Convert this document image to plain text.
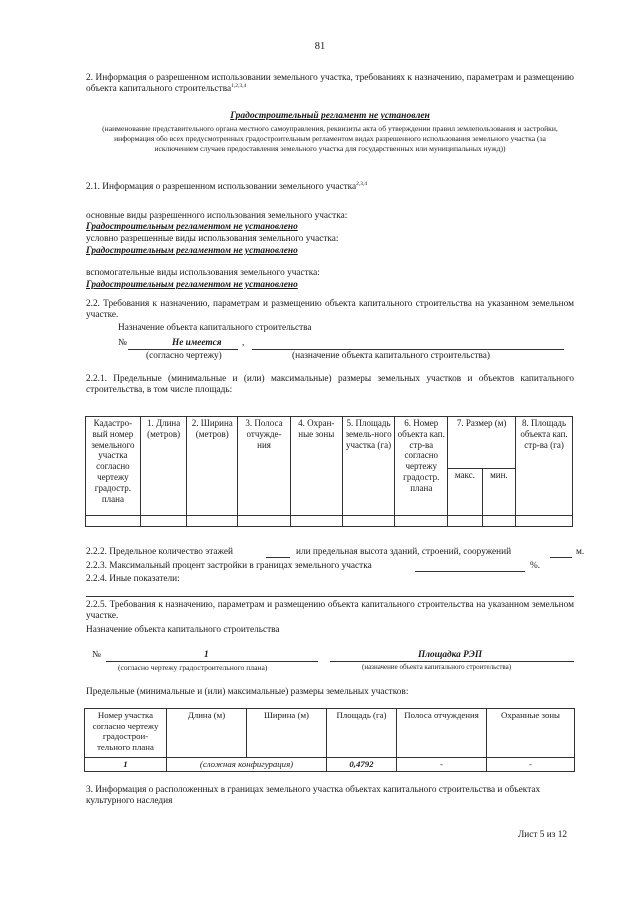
81
2. Информация о разрешенном использовании земельного участка, требованиях к назначению, параметрам и размещению объекта капитального строительства$^{1,2,3,4}$
Градостроительный регламент не установлен
(наименование представительного органа местного самоуправления, реквизиты акта об утверждении правил землепользования и застройки, информация обо всех предусмотренных градостроительным регламентом видах разрешенного использования земельного участка (за исключением случаев предоставления земельного участка для государственных или муниципальных нужд))
2.1. Информация о разрешенном использовании земельного участка$^{2,3,4}$
основные виды разрешенного использования земельного участка:
Градостроительным регламентом не установлено
условно разрешенные виды использования земельного участка:
Градостроительным регламентом не установлено
вспомогательные виды использования земельного участка:
Градостроительным регламентом не установлено
2.2. Требования к назначению, параметрам и размещению объекта капитального строительства на указанном земельном участке.
Назначение объекта капитального строительства
№	Не имеется ,
(согласно чертежу)	(назначение объекта капитального строительства)
2.2.1. Предельные (минимальные и (или) максимальные) размеры земельных участков и объектов капитального строительства, в том числе площадь:
Кадастро-вый номер земельного участка согласно чертежу градостр. плана	1. Длина (метров)	2. Ширина (метров)	3. Полоса отчужде-ния	4. Охран-ные зоны	5. Площадь земель-ного участка (га)	6. Номер объекта кап. стр-ва согласно чертежу градостр. плана	7. Размер (м)		8. Площадь объекта кап. стр-ва (га)
							макс.	мин.	

2.2.2. Предельное количество этажей	или предельная высота зданий, строений, сооружений	м.
2.2.3. Максимальный процент застройки в границах земельного участка	%.
2.2.4. Иные показатели:
2.2.5. Требования к назначению, параметрам и размещению объекта капитального строительства на указанном земельном участке.
Назначение объекта капитального строительства
№	1	Площадка РЭП
(согласно чертежу градостроительного плана)	(назначение объекта капитального строительства)
Предельные (минимальные и (или) максимальные) размеры земельных участков:
Номер участка согласно чертежу градострои-тельного плана	Длина (м)	Ширина (м)	Площадь (га)	Полоса отчуждения	Охранные зоны
1	(сложная конфигурация)		0,4792	-	-
3. Информация о расположенных в границах земельного участка объектах капитального строительства и объектах культурного наследия
Лист 5 из 12
